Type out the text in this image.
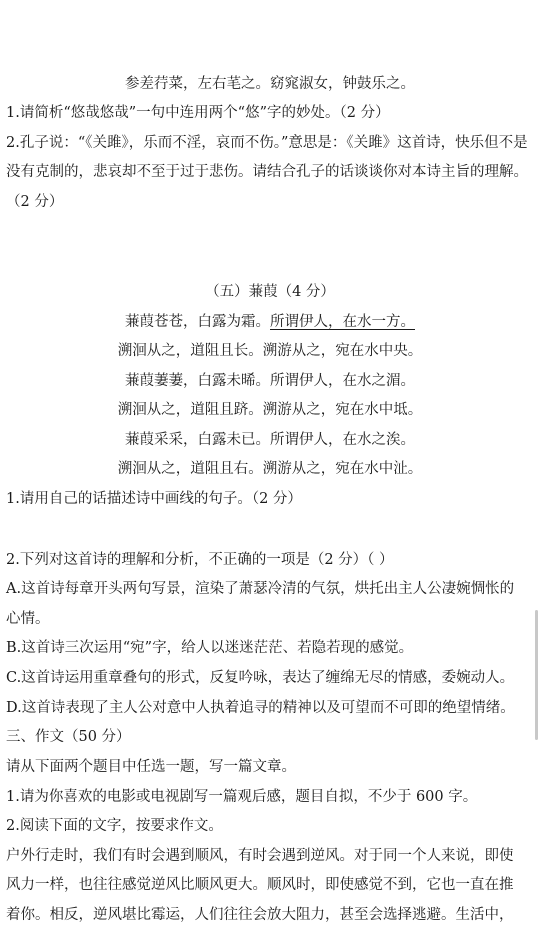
参差荇菜，左右芼之。窈窕淑女，钟鼓乐之。
1.请简析“悠哉悠哉”一句中连用两个“悠”字的妙处。（2 分）
2.孔子说：“《关雎》，乐而不淫，哀而不伤。”意思是：《关雎》这首诗，快乐但不是
没有克制的，悲哀却不至于过于悲伤。请结合孔子的话谈谈你对本诗主旨的理解。
（2 分）
（五）蒹葭（4 分）
蒹葭苍苍，白露为霜。所谓伊人，在水一方。
溯洄从之，道阻且长。溯游从之，宛在水中央。
蒹葭萋萋，白露未晞。所谓伊人，在水之湄。
溯洄从之，道阻且跻。溯游从之，宛在水中坻。
蒹葭采采，白露未已。所谓伊人，在水之涘。
溯洄从之，道阻且右。溯游从之，宛在水中沚。
1.请用自己的话描述诗中画线的句子。（2 分）
2.下列对这首诗的理解和分析，不正确的一项是（2 分）（ ）
A.这首诗每章开头两句写景，渲染了萧瑟冷清的气氛，烘托出主人公凄婉惆怅的
心情。
B.这首诗三次运用“宛”字，给人以迷迷茫茫、若隐若现的感觉。
C.这首诗运用重章叠句的形式，反复吟咏，表达了缠绵无尽的情感，委婉动人。
D.这首诗表现了主人公对意中人执着追寻的精神以及可望而不可即的绝望情绪。
三、作文（50 分）
请从下面两个题目中任选一题，写一篇文章。
1.请为你喜欢的电影或电视剧写一篇观后感，题目自拟，不少于 600 字。
2.阅读下面的文字，按要求作文。
户外行走时，我们有时会遇到顺风，有时会遇到逆风。对于同一个人来说，即使
风力一样，也往往感觉逆风比顺风更大。顺风时，即使感觉不到，它也一直在推
着你。相反，逆风堪比霉运，人们往往会放大阻力，甚至会选择逃避。生活中，
